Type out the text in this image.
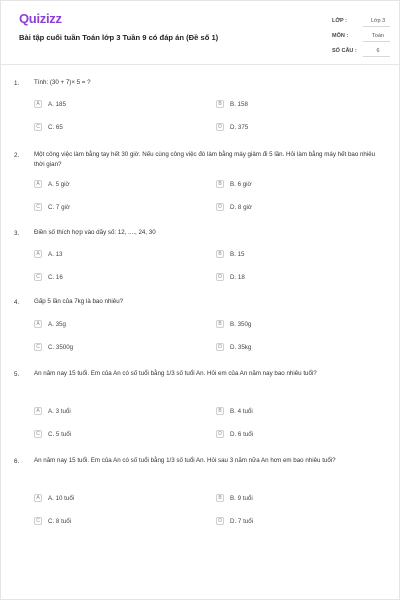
Quizizz
Bài tập cuối tuần Toán lớp 3 Tuần 9 có đáp án (Đề số 1)
LỚP :	Lớp 3
MÔN :	Toán
SỐ CÂU :	6
1. Tính: (30 + 7)× 5 = ?
A	A. 185	B	B. 158
C	C. 65	D	D. 375
2. Một công việc làm bằng tay hết 30 giờ. Nếu cùng công việc đó làm bằng máy giảm đi 5 lần. Hỏi làm bằng máy hết bao nhiêu thời gian?
A	A. 5 giờ	B	B. 6 giờ
C	C. 7 giờ	D	D. 8 giờ
3. Điền số thích hợp vào dãy số: 12, ...., 24, 30
A	A. 13	B	B. 15
C	C. 16	D	D. 18
4. Gấp 5 lần của 7kg là bao nhiêu?
A	A. 35g	B	B. 350g
C	C. 3500g	D	D. 35kg
5. An năm nay 15 tuổi. Em của An có số tuổi bằng 1/3 số tuổi An. Hỏi em của An năm nay bao nhiêu tuổi?
A	A. 3 tuổi	B	B. 4 tuổi
C	C. 5 tuổi	D	D. 6 tuổi
6. An năm nay 15 tuổi. Em của An có số tuổi bằng 1/3 số tuổi An. Hỏi sau 3 năm nữa An hơn em bao nhiêu tuổi?
A	A. 10 tuổi	B	B. 9 tuổi
C	C. 8 tuổi	D	D. 7 tuổi
